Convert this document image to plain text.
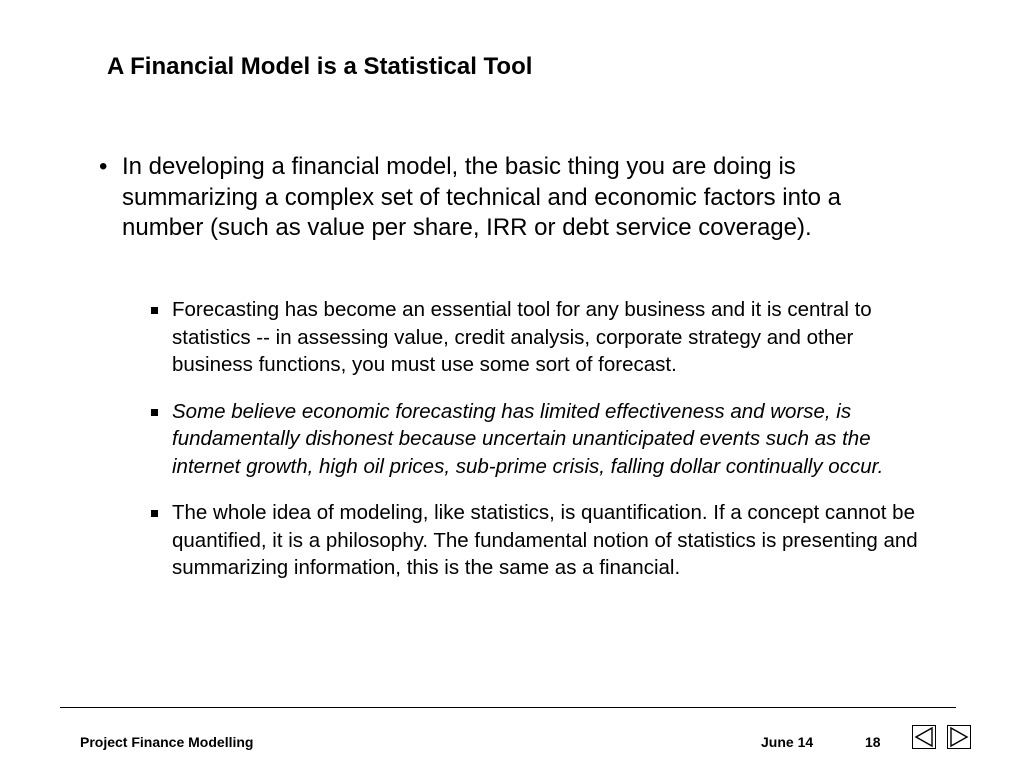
A Financial Model is a Statistical Tool
• In developing a financial model, the basic thing you are doing is summarizing a complex set of technical and economic factors into a number (such as value per share, IRR or debt service coverage).
Forecasting has become an essential tool for any business and it is central to statistics -- in assessing value, credit analysis, corporate strategy and other business functions, you must use some sort of forecast.
Some believe economic forecasting has limited effectiveness and worse, is fundamentally dishonest because uncertain unanticipated events such as the internet growth, high oil prices, sub-prime crisis, falling dollar continually occur.
The whole idea of modeling, like statistics, is quantification. If a concept cannot be quantified, it is a philosophy. The fundamental notion of statistics is presenting and summarizing information, this is the same as a financial.
Project Finance Modelling	June 14	18
